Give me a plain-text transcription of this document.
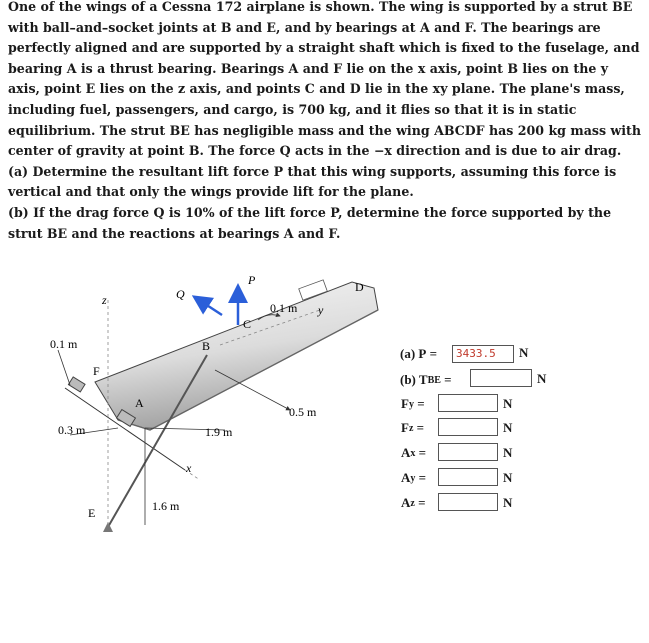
One of the wings of a Cessna 172 airplane is shown. The wing is supported by a strut BE with ball–and–socket joints at B and E, and by bearings at A and F. The bearings are perfectly aligned and are supported by a straight shaft which is fixed to the fuselage, and bearing A is a thrust bearing. Bearings A and F lie on the x axis, point B lies on the y axis, point E lies on the z axis, and points C and D lie in the xy plane. The plane's mass, including fuel, passengers, and cargo, is 700 kg, and it flies so that it is in static equilibrium. The strut BE has negligible mass and the wing ABCDF has 200 kg mass with center of gravity at point B. The force Q acts in the −x direction and is due to air drag.

(a) Determine the resultant lift force P that this wing supports, assuming this force is vertical and that only the wings provide lift for the plane.

(b) If the drag force Q is 10% of the lift force P, determine the force supported by the strut BE and the reactions at bearings A and F.

Q
P	D
C
B
F
A
E
z
y
x
0.1 m
0.1 m
0.3 m
0.5 m
1.9 m
1.6 m
(a) P =	3433.5	N
(b) T BE =	N
F y =	N
F z =	N
A x =	N
A y =	N
A z =	N
